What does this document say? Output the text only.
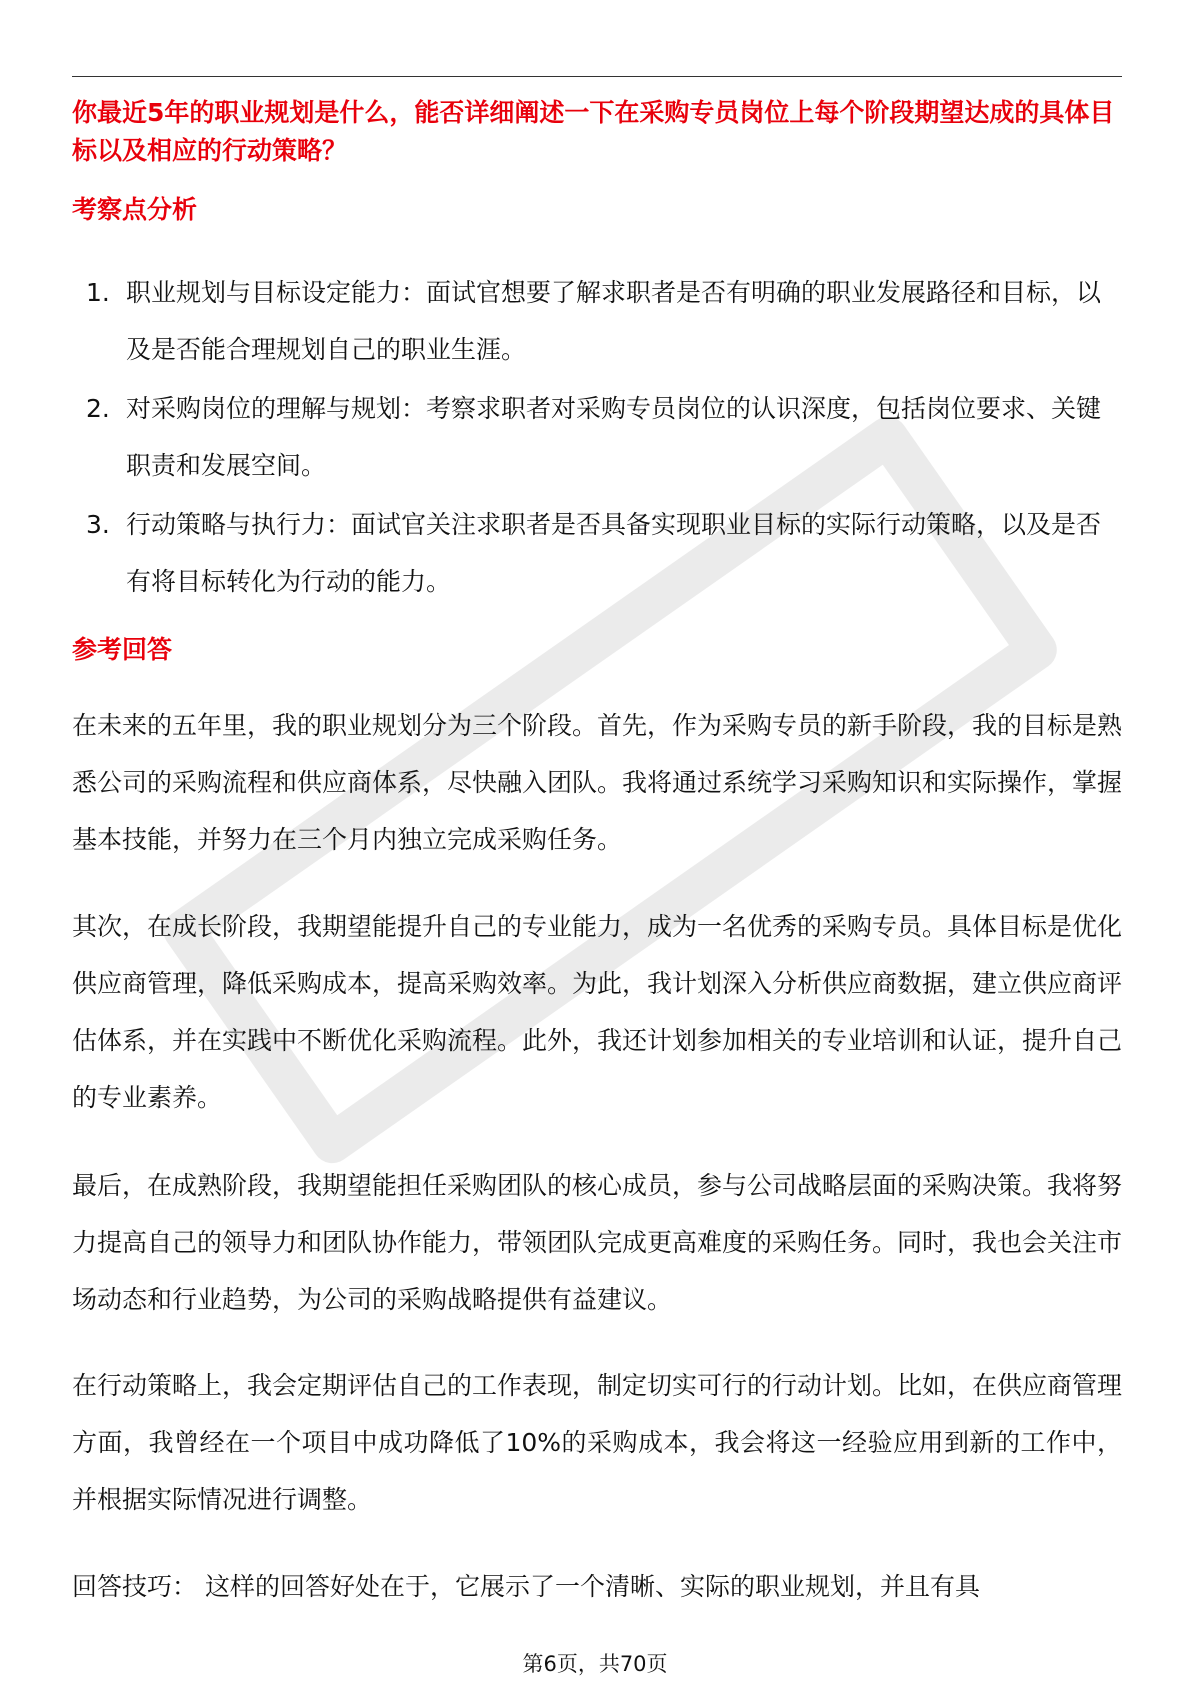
你最近5年的职业规划是什么，能否详细阐述一下在采购专员岗位上每个阶段期望达成的具体目标以及相应的行动策略？
考察点分析
1. 职业规划与目标设定能力：面试官想要了解求职者是否有明确的职业发展路径和目标，以及是否能合理规划自己的职业生涯。
2. 对采购岗位的理解与规划：考察求职者对采购专员岗位的认识深度，包括岗位要求、关键职责和发展空间。
3. 行动策略与执行力：面试官关注求职者是否具备实现职业目标的实际行动策略，以及是否有将目标转化为行动的能力。
参考回答

在未来的五年里，我的职业规划分为三个阶段。首先，作为采购专员的新手阶段，我的目标是熟悉公司的采购流程和供应商体系，尽快融入团队。我将通过系统学习采购知识和实际操作，掌握基本技能，并努力在三个月内独立完成采购任务。

其次，在成长阶段，我期望能提升自己的专业能力，成为一名优秀的采购专员。具体目标是优化供应商管理，降低采购成本，提高采购效率。为此，我计划深入分析供应商数据，建立供应商评估体系，并在实践中不断优化采购流程。此外，我还计划参加相关的专业培训和认证，提升自己的专业素养。

最后，在成熟阶段，我期望能担任采购团队的核心成员，参与公司战略层面的采购决策。我将努力提高自己的领导力和团队协作能力，带领团队完成更高难度的采购任务。同时，我也会关注市场动态和行业趋势，为公司的采购战略提供有益建议。

在行动策略上，我会定期评估自己的工作表现，制定切实可行的行动计划。比如，在供应商管理方面，我曾经在一个项目中成功降低了10%的采购成本，我会将这一经验应用到新的工作中，并根据实际情况进行调整。

回答技巧： 这样的回答好处在于，它展示了一个清晰、实际的职业规划，并且有具

第6页，共70页
